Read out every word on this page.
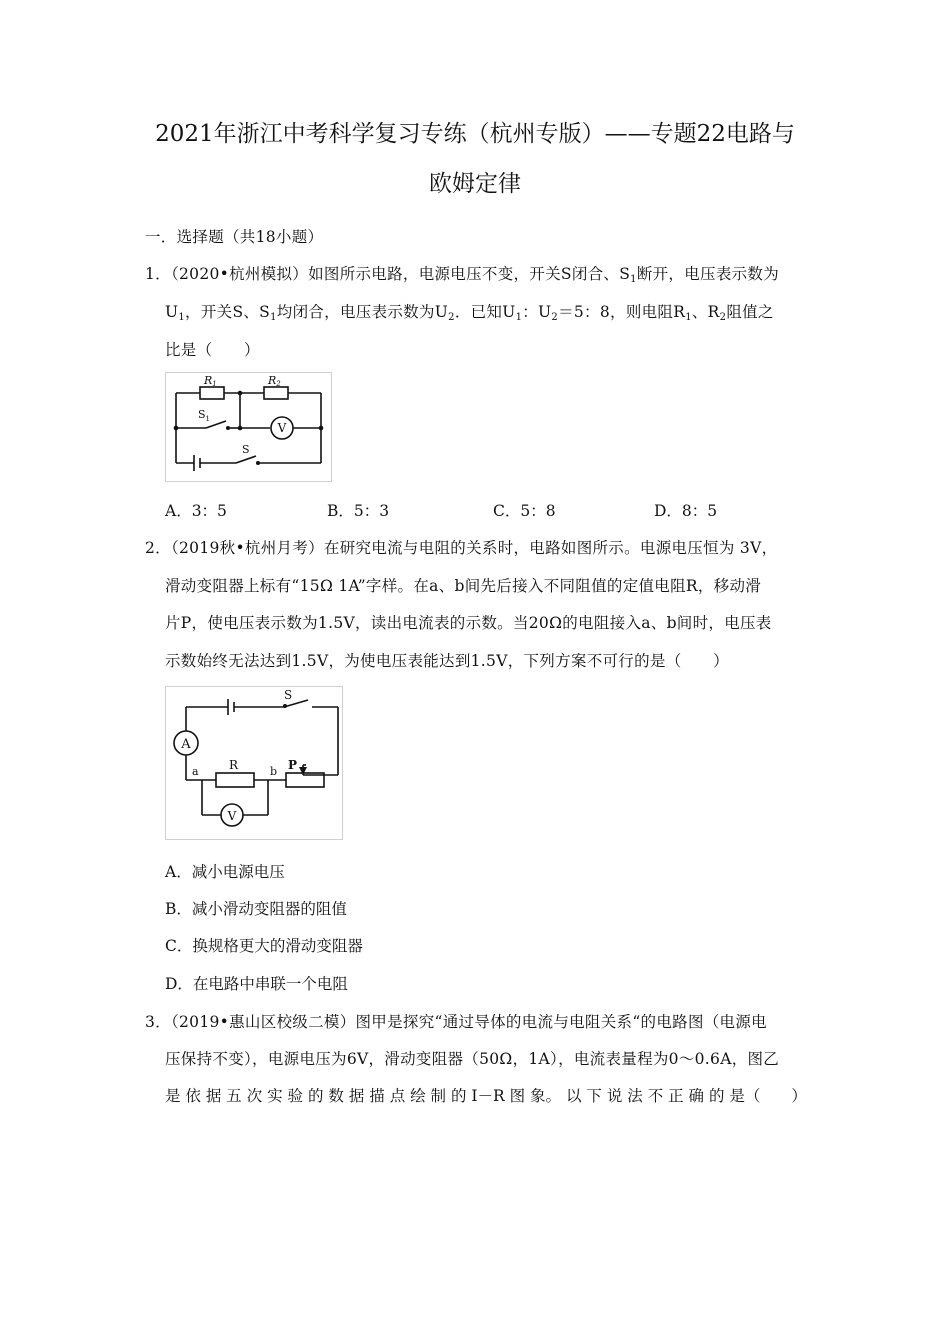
2021年浙江中考科学复习专练（杭州专版）——专题22电路与
欧姆定律
一．选择题（共18小题）
1．（2020•杭州模拟）如图所示电路，电源电压不变，开关S闭合、$S_1$断开，电压表示数为
$U_1$，开关S、$S_1$均闭合，电压表示数为$U_2$．已知$U_1$：$U_2=5$：8，则电阻$R_1$、$R_2$阻值之
比是（　　）
R1	R2
$S_1$
S
V
A．3：5	B．5：3	C．5：8	D．8：5
2．（2019秋•杭州月考）在研究电流与电阻的关系时，电路如图所示。电源电压恒为 3V，
滑动变阻器上标有“15Ω 1A”字样。在a、b间先后接入不同阻值的定值电阻R，移动滑
片P，使电压表示数为1.5V，读出电流表的示数。当20Ω的电阻接入a、b间时，电压表
示数始终无法达到1.5V，为使电压表能达到1.5V，下列方案不可行的是（　　）
S
A
a	R	b P
V
A．减小电源电压
B．减小滑动变阻器的阻值
C．换规格更大的滑动变阻器
D．在电路中串联一个电阻
3．（2019•惠山区校级二模）图甲是探究“通过导体的电流与电阻关系“的电路图（电源电
压保持不变），电源电压为6V，滑动变阻器（50Ω，1A），电流表量程为0～0.6A，图乙
是 依 据 五 次 实 验 的 数 据 描 点 绘 制 的 I－R 图 象。 以 下 说 法 不 正 确 的 是（　　）
